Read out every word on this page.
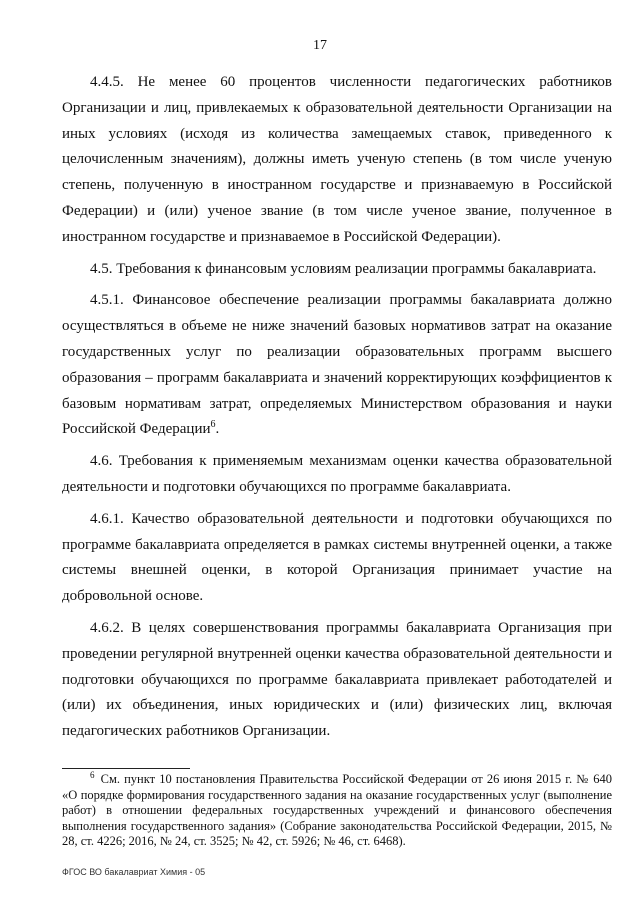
17

4.4.5. Не менее 60 процентов численности педагогических работников Организации и лиц, привлекаемых к образовательной деятельности Организации на иных условиях (исходя из количества замещаемых ставок, приведенного к целочисленным значениям), должны иметь ученую степень (в том числе ученую степень, полученную в иностранном государстве и признаваемую в Российской Федерации) и (или) ученое звание (в том числе ученое звание, полученное в иностранном государстве и признаваемое в Российской Федерации).

4.5. Требования к финансовым условиям реализации программы бакалавриата.

4.5.1. Финансовое обеспечение реализации программы бакалавриата должно осуществляться в объеме не ниже значений базовых нормативов затрат на оказание государственных услуг по реализации образовательных программ высшего образования – программ бакалавриата и значений корректирующих коэффициентов к базовым нормативам затрат, определяемых Министерством образования и науки Российской Федерации$^6$.

4.6. Требования к применяемым механизмам оценки качества образовательной деятельности и подготовки обучающихся по программе бакалавриата.

4.6.1. Качество образовательной деятельности и подготовки обучающихся по программе бакалавриата определяется в рамках системы внутренней оценки, а также системы внешней оценки, в которой Организация принимает участие на добровольной основе.

4.6.2. В целях совершенствования программы бакалавриата Организация при проведении регулярной внутренней оценки качества образовательной деятельности и подготовки обучающихся по программе бакалавриата привлекает работодателей и (или) их объединения, иных юридических и (или) физических лиц, включая педагогических работников Организации.

$^6$ См. пункт 10 постановления Правительства Российской Федерации от 26 июня 2015 г. № 640 «О порядке формирования государственного задания на оказание государственных услуг (выполнение работ) в отношении федеральных государственных учреждений и финансового обеспечения выполнения государственного задания» (Собрание законодательства Российской Федерации, 2015, № 28, ст. 4226; 2016, № 24, ст. 3525; № 42, ст. 5926; № 46, ст. 6468).

ФГОС ВО бакалавриат Химия - 05
